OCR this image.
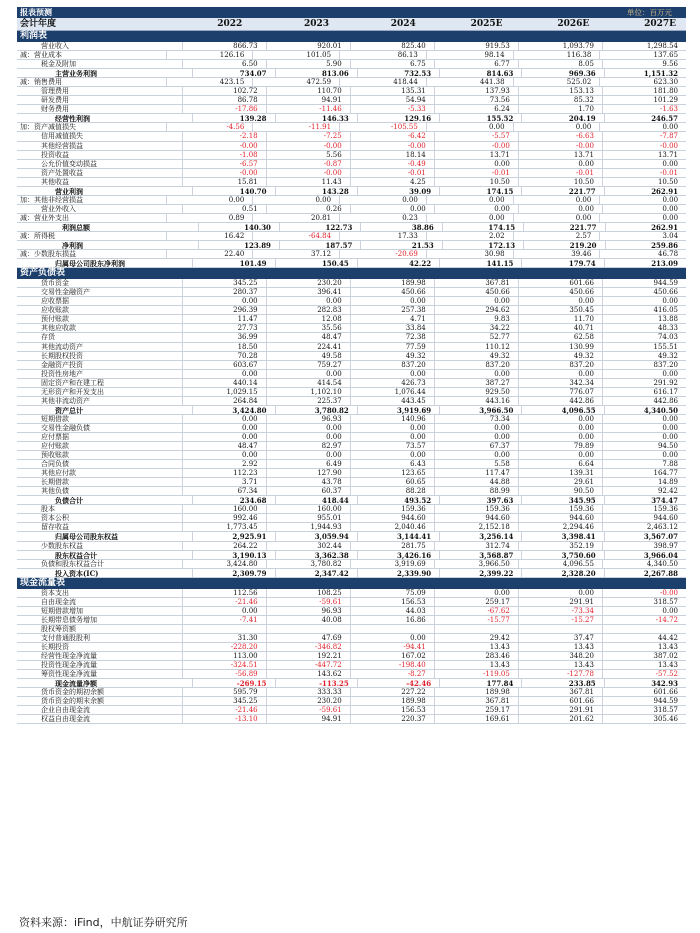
报表预测	单位：百万元
会计年度	2022	2023	2024	2025E	2026E	2027E
利润表
营业收入	866.73	920.01	825.40	919.53	1,093.79	1,298.54
减：营业成本	126.16	101.05	86.13	98.14	116.38	137.65
税金及附加	6.50	5.90	6.75	6.77	8.05	9.56
主营业务利润	734.07	813.06	732.53	814.63	969.36	1,151.32
减：销售费用	423.15	472.59	418.44	441.38	525.02	623.30
管理费用	102.72	110.70	135.31	137.93	153.13	181.80
研发费用	86.78	94.91	54.94	73.56	85.32	101.29
财务费用	-17.86	-11.46	-5.33	6.24	1.70	-1.63
经营性利润	139.28	146.33	129.16	155.52	204.19	246.57
加：资产减值损失	-4.56	-11.91	-105.55	0.00	0.00	0.00
信用减值损失	-2.18	-7.25	-6.42	-5.57	-6.63	-7.87
其他经营损益	-0.00	-0.00	-0.00	-0.00	-0.00	-0.00
投资收益	-1.08	5.56	18.14	13.71	13.71	13.71
公允价值变动损益	-6.57	-0.87	-0.49	0.00	0.00	0.00
资产处置收益	-0.00	-0.00	-0.01	-0.01	-0.01	-0.01
其他收益	15.81	11.43	4.25	10.50	10.50	10.50
营业利润	140.70	143.28	39.09	174.15	221.77	262.91
加：其他非经营损益	0.00	0.00	0.00	0.00	0.00	0.00
营业外收入	0.51	0.26	0.00	0.00	0.00	0.00
减：营业外支出	0.89	20.81	0.23	0.00	0.00	0.00
利润总额	140.30	122.73	38.86	174.15	221.77	262.91
减：所得税	16.42	-64.84	17.33	2.02	2.57	3.04
净利润	123.89	187.57	21.53	172.13	219.20	259.86
减：少数股东损益	22.40	37.12	-20.69	30.98	39.46	46.78
归属母公司股东净利润	101.49	150.45	42.22	141.15	179.74	213.09
资产负债表
货币资金	345.25	230.20	189.98	367.81	601.66	944.59
交易性金融资产	280.37	396.41	450.66	450.66	450.66	450.66
应收票据	0.00	0.00	0.00	0.00	0.00	0.00
应收账款	296.39	282.83	257.38	294.62	350.45	416.05
预付账款	11.47	12.08	4.71	9.83	11.70	13.88
其他应收款	27.73	35.56	33.84	34.22	40.71	48.33
存货	36.99	48.47	72.38	52.77	62.58	74.03
其他流动资产	18.50	224.41	77.59	110.12	130.99	155.51
长期股权投资	70.28	49.58	49.32	49.32	49.32	49.32
金融资产投资	603.67	759.27	837.20	837.20	837.20	837.20
投资性房地产	0.00	0.00	0.00	0.00	0.00	0.00
固定资产和在建工程	440.14	414.54	426.73	387.27	342.34	291.92
无形资产和开发支出	1,029.15	1,102.10	1,076.44	929.50	776.07	616.17
其他非流动资产	264.84	225.37	443.45	443.16	442.86	442.86
资产总计	3,424.80	3,780.82	3,919.69	3,966.50	4,096.55	4,340.50
短期借款	0.00	96.93	140.96	73.34	0.00	0.00
交易性金融负债	0.00	0.00	0.00	0.00	0.00	0.00
应付票据	0.00	0.00	0.00	0.00	0.00	0.00
应付账款	48.47	82.97	73.57	67.37	79.89	94.50
预收账款	0.00	0.00	0.00	0.00	0.00	0.00
合同负债	2.92	6.49	6.43	5.58	6.64	7.88
其他应付款	112.23	127.90	123.65	117.47	139.31	164.77
长期借款	3.71	43.78	60.65	44.88	29.61	14.89
其他负债	67.34	60.37	88.28	88.99	90.50	92.42
负债合计	234.68	418.44	493.52	397.63	345.95	374.47
股本	160.00	160.00	159.36	159.36	159.36	159.36
资本公积	992.46	955.01	944.60	944.60	944.60	944.60
留存收益	1,773.45	1,944.93	2,040.46	2,152.18	2,294.46	2,463.12
归属母公司股东权益	2,925.91	3,059.94	3,144.41	3,256.14	3,398.41	3,567.07
少数股东权益	264.22	302.44	281.75	312.74	352.19	398.97
股东权益合计	3,190.13	3,362.38	3,426.16	3,568.87	3,750.60	3,966.04
负债和股东权益合计	3,424.80	3,780.82	3,919.69	3,966.50	4,096.55	4,340.50
投入资本(IC)	2,309.79	2,347.42	2,339.90	2,399.22	2,328.20	2,267.88
现金流量表
资本支出	112.56	108.25	75.09	0.00	0.00	-0.00
自由现金流	-21.46	-59.61	156.53	259.17	291.91	318.57
短期借款增加	0.00	96.93	44.03	-67.62	-73.34	0.00
长期带息债务增加	-7.41	40.08	16.86	-15.77	-15.27	-14.72
股权筹资额
支付普通股股利	31.30	47.69	0.00	29.42	37.47	44.42
长期投资	-228.20	-346.82	-94.41	13.43	13.43	13.43
经营性现金净流量	113.00	192.21	167.02	283.46	348.20	387.02
投资性现金净流量	-324.51	-447.72	-198.40	13.43	13.43	13.43
筹资性现金净流量	-56.89	143.62	-8.27	-119.05	-127.78	-57.52
现金流量净额	-269.15	-113.25	-42.46	177.84	233.85	342.93
货币资金的期初余额	595.79	333.33	227.22	189.98	367.81	601.66
货币资金的期末余额	345.25	230.20	189.98	367.81	601.66	944.59
企业自由现金流	-21.46	-59.61	156.53	259.17	291.91	318.57
权益自由现金流	-13.10	94.91	220.37	169.61	201.62	305.46
资料来源：iFind，中航证券研究所
